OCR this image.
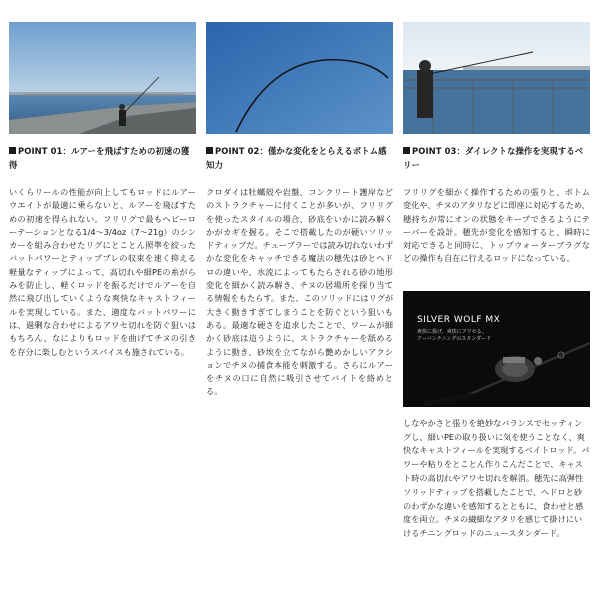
POINT 01：ルアーを飛ばすための初速の獲得
いくらリールの性能が向上してもロッドにルアーウエイトが最適に乗らないと、ルアーを飛ばすための初速を得られない。フリリグで最もヘビーローテーションとなる1/4～3/4oz（7～21g）のシンカーを組み合わせたリグにとことん照準を絞ったバットパワーとティップブレの収束を速く抑える軽量なティップによって、高切れや細PEの糸がらみを防止し、軽くロッドを振るだけでルアーを自然に飛び出していくような爽快なキャストフィールを実現している。また、適度なバットパワーには、過剰な合わせによるアワセ切れを防ぐ狙いはもちろん、なによりもロッドを曲げてチヌの引きを存分に楽しむというスパイスも施されている。
POINT 02：僅かな変化をとらえるボトム感知力
クロダイは牡蠣殻や岩盤、コンクリート護岸などのストラクチャーに付くことが多いが、フリリグを使ったスタイルの場合、砂底をいかに読み解くかがカギを握る。そこで搭載したのが硬いソリッドティップだ。チューブラーでは読み切れないわずかな変化をキャッチできる魔法の穂先は砂とヘドロの違いや、水流によってもたらされる砂の地形変化を細かく読み解き、チヌの居場所を探り当てる情報をもたらす。また、このソリッドにはリグが大きく動きすぎてしまうことを防ぐという狙いもある。最適な硬さを追求したことで、ワームが細かく砂底は這うように、ストラクチャーを舐めるように動き、砂埃を立てながら艶めかしいアクションでチヌの捕食本能を刺激する。さらにルアーをチヌの口に自然に吸引させてバイトを絡めとる。
POINT 03：ダイレクトな操作を実現するベリー
フリリグを細かく操作するための張りと、ボトム変化や、チヌのアタリなどに即座に対応するため、穂持ちが常にオンの状態をキープできるようにテーパーを設計。穂先が変化を感知すると、瞬時に対応できると同時に、トップウォータープラグなどの操作も自在に行えるロッドになっている。
SILVER WOLF MX
爽快に投げ、爽快にアワセる。
アーバンチニングのスタンダード
しなやかさと張りを絶妙なバランスでセッティングし、細いPEの取り扱いに気を使うことなく、爽快なキャストフィールを実現するベイトロッド。パワーや粘りをとことん作りこんだことで、キャスト時の高切れやアワセ切れを解消。穂先に高弾性ソリッドティップを搭載したことで、ヘドロと砂のわずかな違いを感知するとともに、食わせと感度を両立。チヌの繊細なアタリを感じて掛けにいけるチニングロッドのニュースタンダード。
